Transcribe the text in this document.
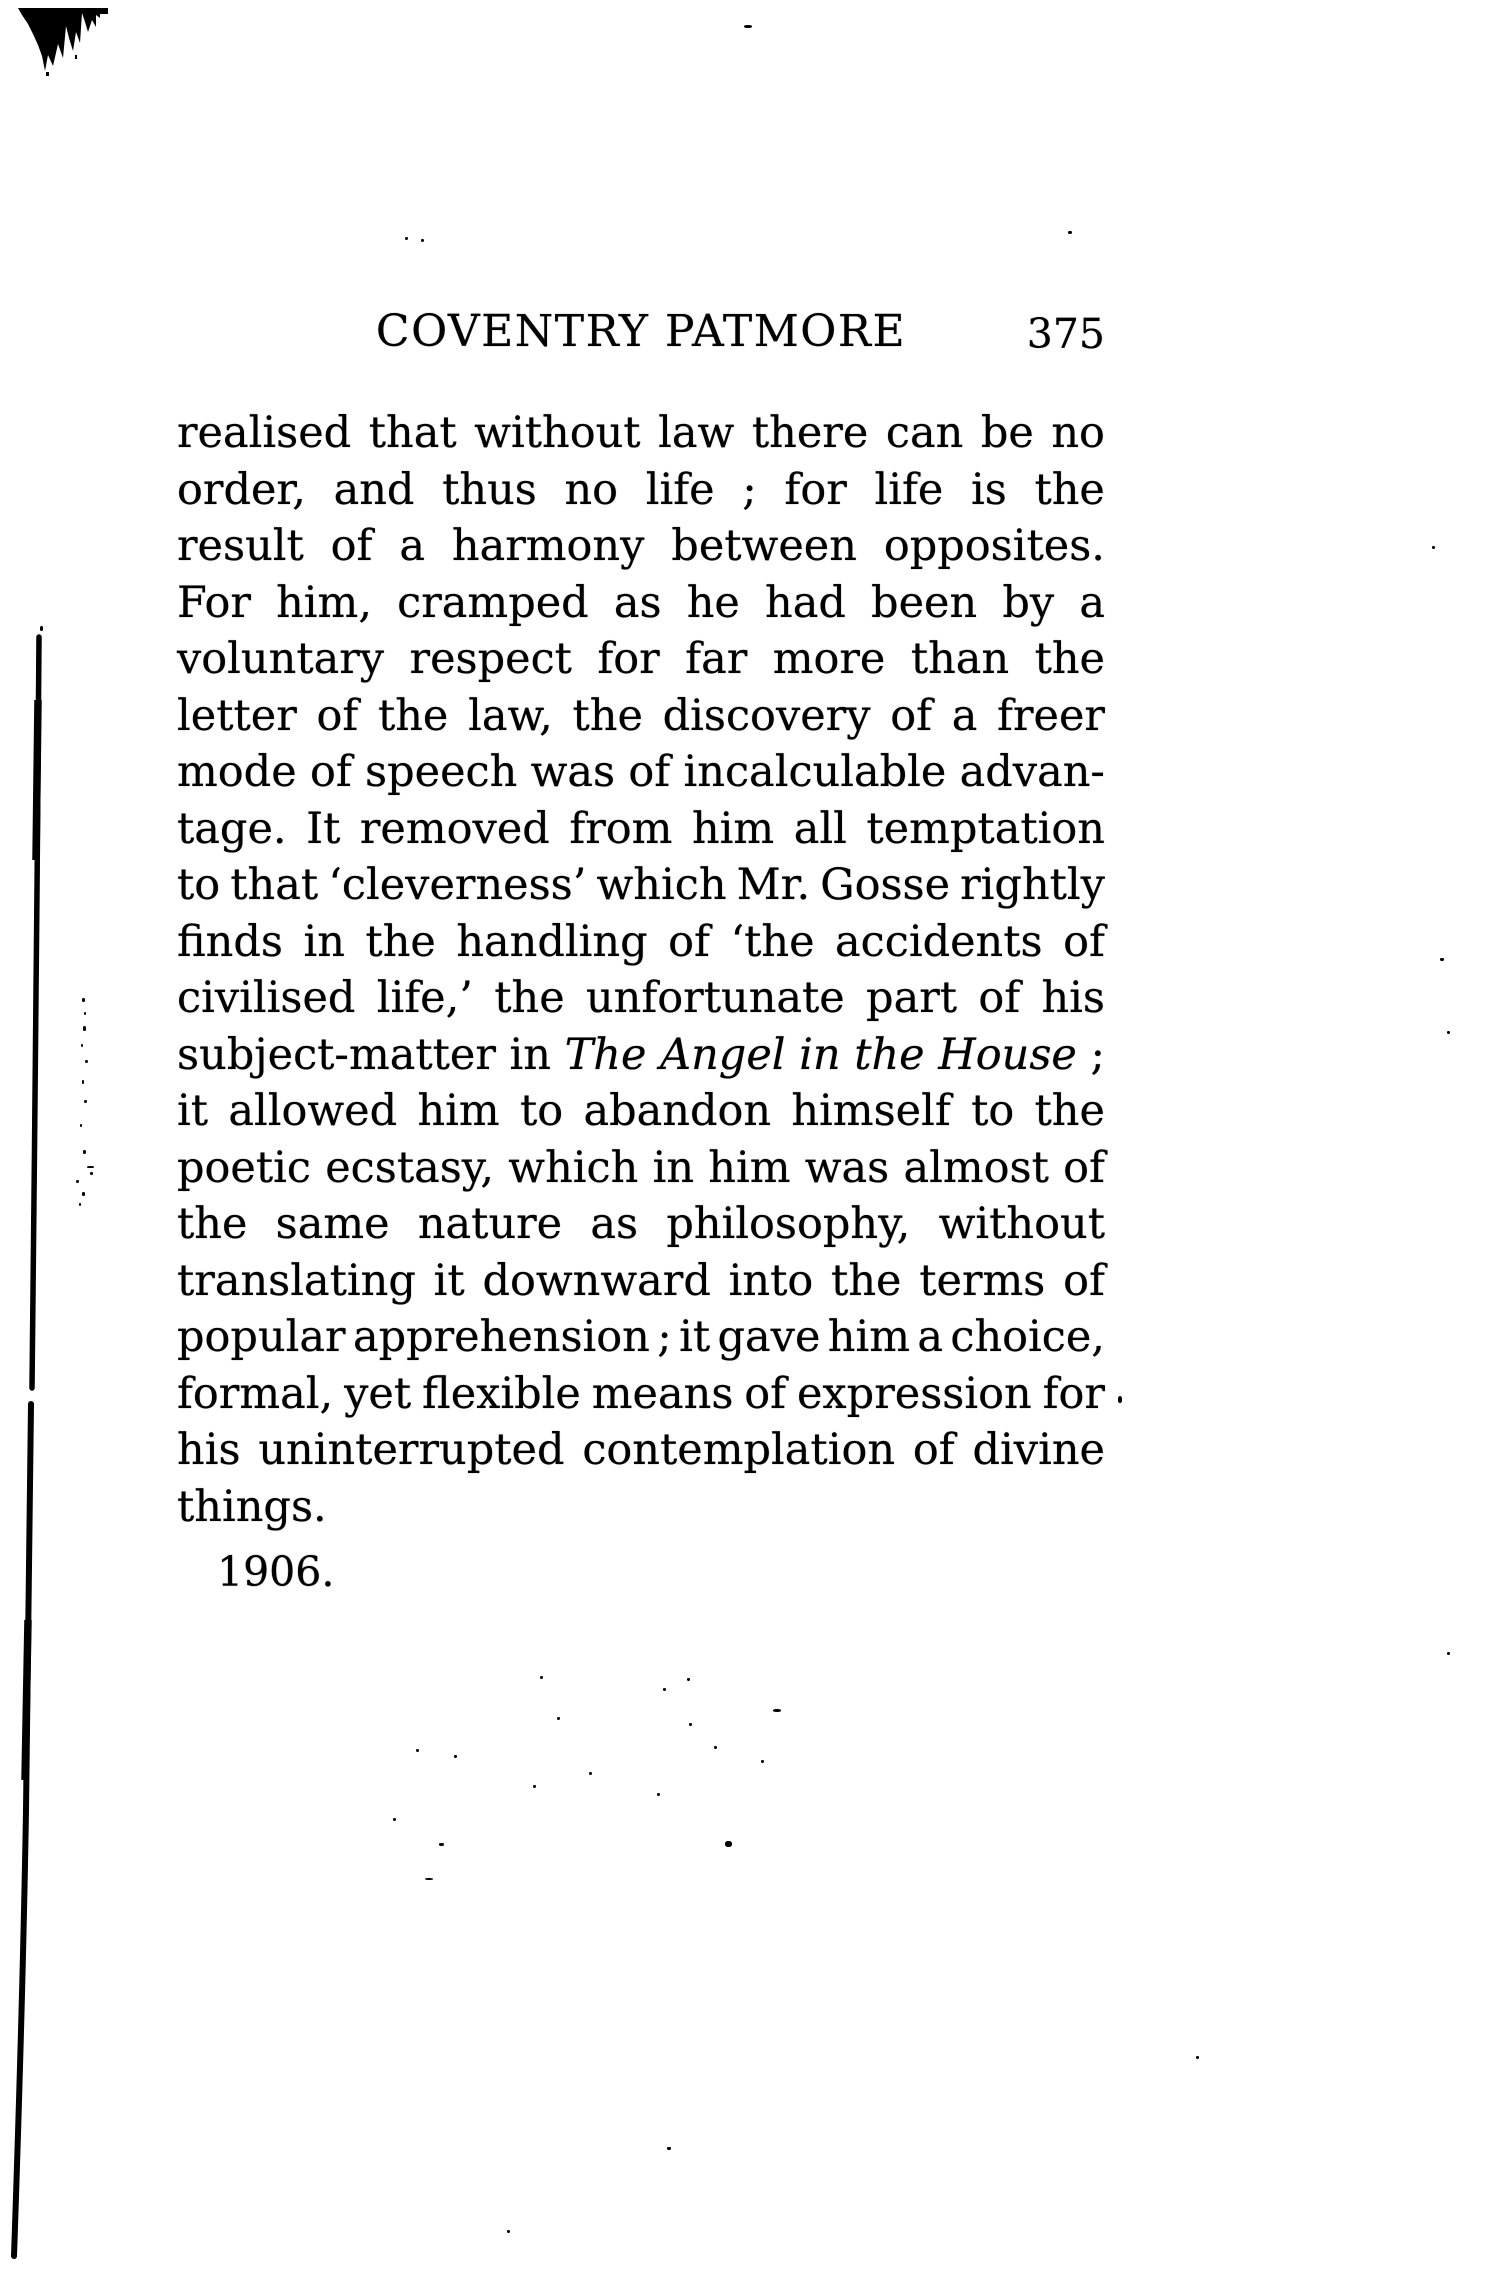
COVENTRY PATMORE	375
realised that without law there can be no
order, and thus no life ; for life is the
result of a harmony between opposites.
For him, cramped as he had been by a
voluntary respect for far more than the
letter of the law, the discovery of a freer
mode of speech was of incalculable advan-
tage. It removed from him all temptation
to that ‘cleverness’ which Mr. Gosse rightly
finds in the handling of ‘the accidents of
civilised life,’ the unfortunate part of his
subject-matter in The Angel in the House ;
it allowed him to abandon himself to the
poetic ecstasy, which in him was almost of
the same nature as philosophy, without
translating it downward into the terms of
popular apprehension ; it gave him a choice,
formal, yet flexible means of expression for
his uninterrupted contemplation of divine
things.
1906.
